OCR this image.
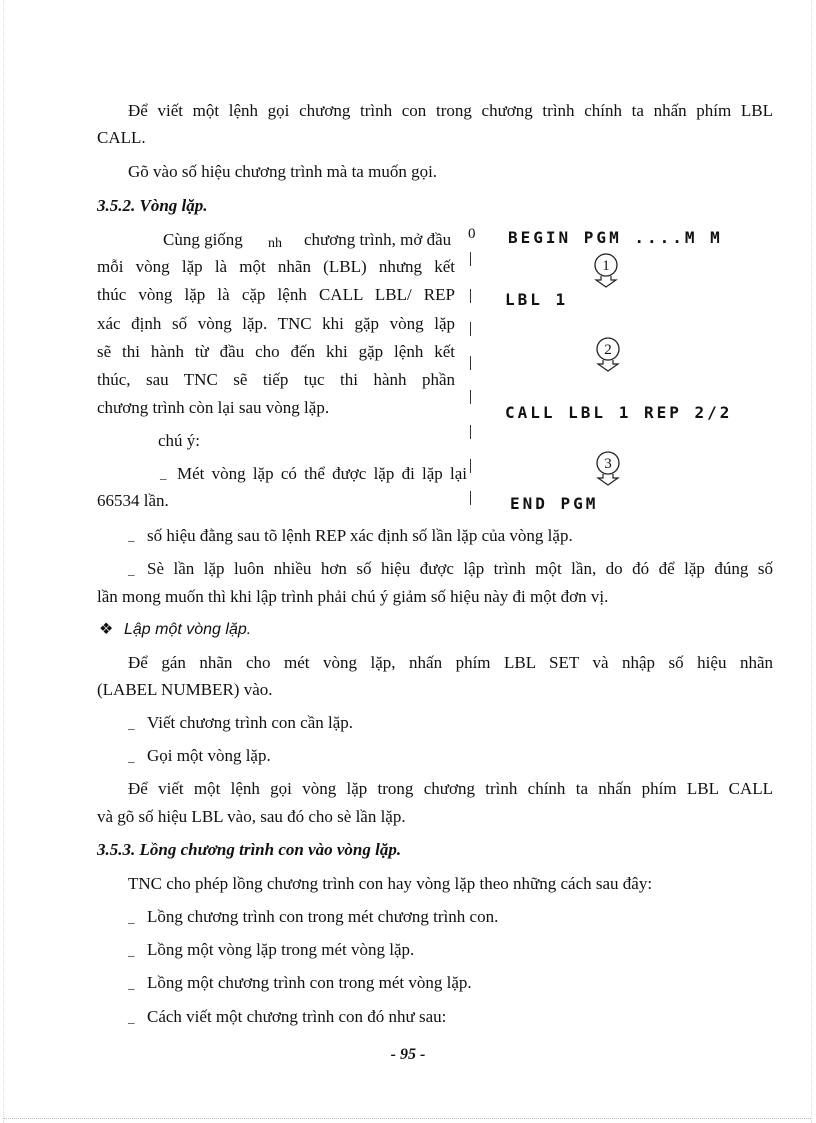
Để viết một lệnh gọi chương trình con trong chương trình chính ta nhấn phím LBL
CALL.
Gõ vào số hiệu chương trình mà ta muốn gọi.
3.5.2. Vòng lặp.
0
Cùng giống nh chương trình, mở đầu
mỗi vòng lặp là một nhãn (LBL) nhưng kết
thúc vòng lặp là cặp lệnh CALL LBL/ REP
xác định số vòng lặp. TNC khi gặp vòng lặp
sẽ thi hành từ đầu cho đến khi gặp lệnh kết
thúc, sau TNC sẽ tiếp tục thi hành phần
chương trình còn lại sau vòng lặp.
chú ý:
_ Mét vòng lặp có thể được lặp đi lặp lại
66534 lần.
BEGIN PGM ....M M
1
LBL 1
2
CALL LBL 1 REP 2/2
3
END PGM
_ số hiệu đằng sau tõ lệnh REP xác định số lần lặp của vòng lặp.
_ Sè lần lặp luôn nhiều hơn số hiệu được lập trình một lần, do đó để lặp đúng số
lần mong muốn thì khi lập trình phải chú ý giảm số hiệu này đi một đơn vị.
❖ Lập một vòng lặp.
Để gán nhãn cho mét vòng lặp, nhấn phím LBL SET và nhập số hiệu nhãn
(LABEL NUMBER) vào.
_ Viết chương trình con cần lặp.
_ Gọi một vòng lặp.
Để viết một lệnh gọi vòng lặp trong chương trình chính ta nhấn phím LBL CALL
và gõ số hiệu LBL vào, sau đó cho sè lần lặp.
3.5.3. Lồng chương trình con vào vòng lặp.
TNC cho phép lồng chương trình con hay vòng lặp theo những cách sau đây:
_ Lồng chương trình con trong mét chương trình con.
_ Lồng một vòng lặp trong mét vòng lặp.
_ Lồng một chương trình con trong mét vòng lặp.
_ Cách viết một chương trình con đó như sau:
- 95 -
